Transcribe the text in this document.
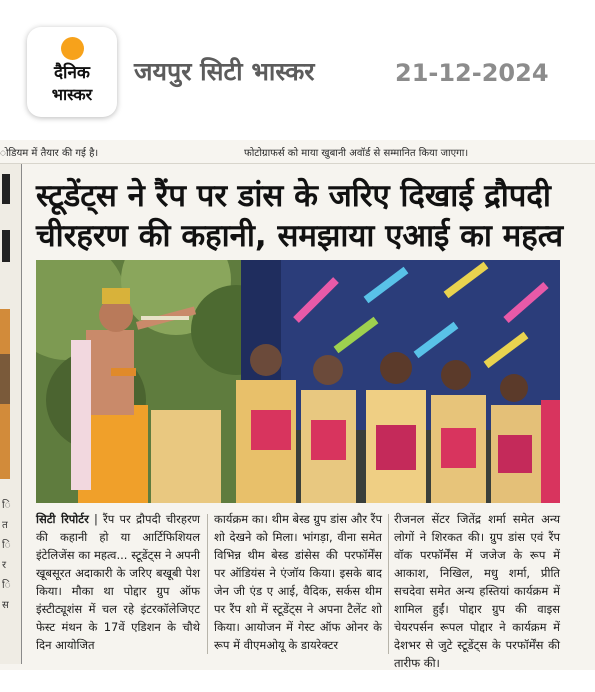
दैनिक
भास्कर
जयपुर सिटी भास्कर	21-12-2024
ोडियम में तैयार की गई है।	फोटोग्राफर्स को माया खुबानी अवॉर्ड से सम्मानित किया जाएगा।
ि त ि र ि स
स्टूडेंट्स ने रैंप पर डांस के जरिए दिखाई द्रौपदी चीरहरण की कहानी, समझाया एआई का महत्व
सिटी रिपोर्टर | रैंप पर द्रौपदी चीरहरण की कहानी हो या आर्टिफिशियल इंटेलिजेंस का महत्व... स्टूडेंट्स ने अपनी खूबसूरत अदाकारी के जरिए बखूबी पेश किया। मौका था पोद्दार ग्रुप ऑफ इंस्टीट्यूशंस में चल रहे इंटरकॉलेजिएट फेस्ट मंथन के 17वें एडिशन के चौथे दिन आयोजित
कार्यक्रम का। थीम बेस्ड ग्रुप डांस और रैंप शो देखने को मिला। भांगड़ा, वीना समेत विभिन्न थीम बेस्ड डांसेस की परफॉर्मेंस पर ऑडियंस ने एंजॉय किया। इसके बाद जेन जी एंड ए आई, वैदिक, सर्कस थीम पर रैंप शो में स्टूडेंट्स ने अपना टैलेंट शो किया। आयोजन में गेस्ट ऑफ ओनर के रूप में वीएमओयू के डायरेक्टर
रीजनल सेंटर जितेंद्र शर्मा समेत अन्य लोगों ने शिरकत की। ग्रुप डांस एवं रैंप वॉक परफॉर्मेंस में जजेज के रूप में आकाश, निखिल, मधु शर्मा, प्रीति सचदेवा समेत अन्य हस्तियां कार्यक्रम में शामिल हुईं। पोद्दार ग्रुप की वाइस चेयरपर्सन रूपल पोद्दार ने कार्यक्रम में देशभर से जुटे स्टूडेंट्स के परफॉर्मेंस की तारीफ की।
